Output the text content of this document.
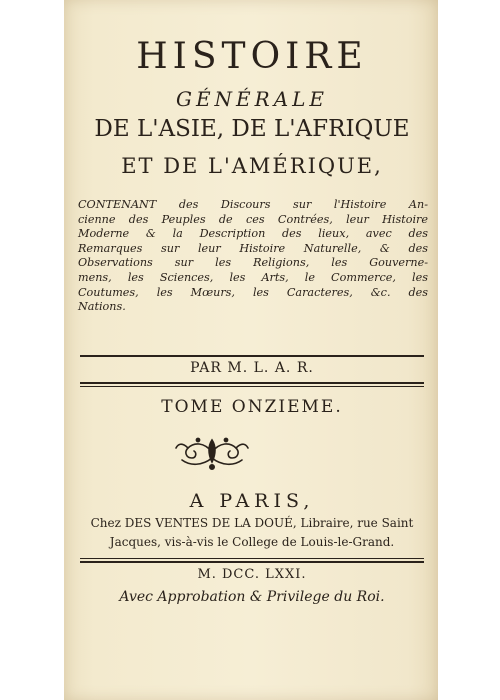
HISTOIRE
GÉNÉRALE
DE L'ASIE, DE L'AFRIQUE
ET DE L'AMÉRIQUE,

CONTENANT des Discours sur l'Histoire An-
cienne des Peuples de ces Contrées, leur Histoire
Moderne & la Description des lieux, avec des
Remarques sur leur Histoire Naturelle, & des
Observations sur les Religions, les Gouverne-
mens, les Sciences, les Arts, le Commerce, les
Coutumes, les Mœurs, les Caracteres, &c. des
Nations.

PAR M. L. A. R.
TOME ONZIEME.
A PARIS,
Chez DES VENTES DE LA DOUÉ, Libraire, rue Saint
Jacques, vis-à-vis le College de Louis-le-Grand.
M. DCC. LXXI.
Avec Approbation & Privilege du Roi.
